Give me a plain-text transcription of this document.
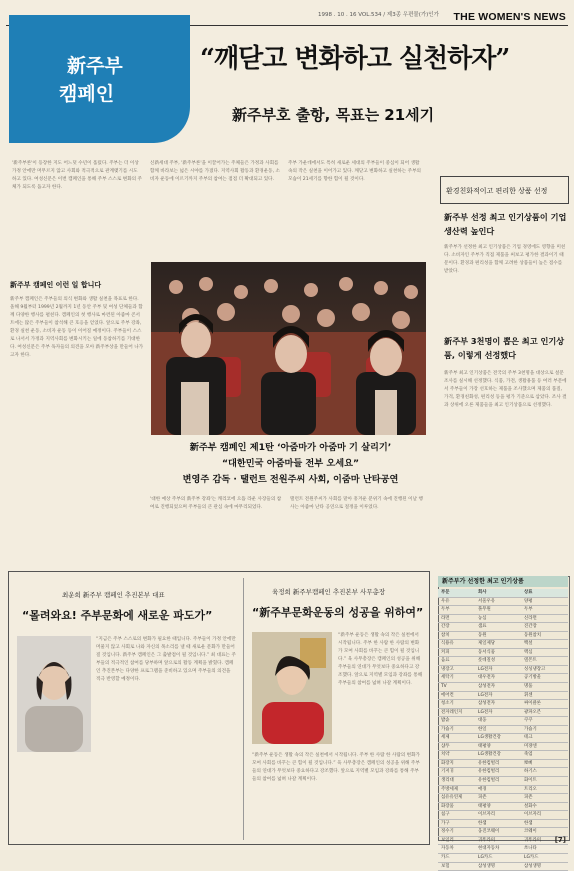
1998 . 10 . 16 VOL.534 / 제3종 우편물(가)인가 THE WOMEN'S NEWS
新주부
캠페인
“깨닫고 변화하고 실천하자”
新주부호 출항, 목표는 21세기
'新주부론'이 등장한 지도 어느덧 수년이 흘렀다. 주부는 더 이상 가정 안에만 머무르지 않고 사회와 적극적으로 관계맺기를 시도하고 있다. 여성신문은 이번 캠페인을 통해 주부 스스로 변화의 주체가 되도록 돕고자 한다.
신新세대 주부, '新주부론'을 이끌어가는 주체들은 가정과 사회를 함께 바라보는 넓은 시야를 가졌다. 지역사회 활동과 환경운동, 소비자 운동에 이르기까지 주부의 참여는 점점 더 확대되고 있다.
주부 가운데에서도 특히 새로운 세대의 주부들이 중심이 되어 생활 속의 작은 실천을 이어가고 있다. 깨닫고 변화하고 실천하는 주부의 모습이 21세기를 향한 힘이 될 것이다.
新주부 캠페인 이런 일 합니다
新주부 캠페인은 주부들의 의식 변화와 생활 실천을 목표로 한다. 올해 9월부터 1999년 2월까지 1년 동안 주부 및 여성 단체들과 함께 다양한 행사를 펼친다. 캠페인의 첫 행사로 마련된 아줌마 콘서트에는 많은 주부들이 참석해 큰 호응을 얻었다. 앞으로 주부 강좌, 환경 실천 운동, 소비자 운동 등이 이어질 예정이다. 주부들이 스스로 나서서 가정과 지역사회를 변화시키는 일에 동참하기를 기대한다. 여성신문은 주부 독자들의 의견을 모아 新주부상을 만들어 나가고자 한다.
新주부 캠페인 제1탄 ‘아줌마가 아줌마 기 살리기’
“대한민국 아줌마들 전부 오세요”
변영주 감독 · 탤런트 전원주씨 사회, 이줌마 난타공연
'대한 예상 주부의 新주부 강좌'는 캐리코에 으뜸 라운 사장들의 참여로 진행되었으며 주부들의 큰 관심 속에 마무리되었다.
탤런트 전원주씨가 사회를 맡아 흥겨운 분위기 속에 진행된 이날 행사는 아줌마 난타 공연으로 절정을 이루었다.
환경친화적이고 편리한 상품 선정
新주부 선정 최고 인기상품이 기업 생산력 높인다
新주부가 선정한 최고 인기상품은 기업 경영에도 영향을 미친다. 소비자인 주부가 직접 제품을 써보고 평가한 결과이기 때문이다. 환경과 편리성을 함께 고려한 상품들이 높은 점수를 받았다.
新주부 3천명이 뽑은 최고 인기상품, 이렇게 선정했다
新주부 최고 인기상품은 전국의 주부 3천명을 대상으로 설문조사를 실시해 선정했다. 식품, 가전, 생활용품 등 여러 부문에서 주부들이 가장 선호하는 제품을 조사했으며 제품의 품질, 가격, 환경친화성, 편리성 등을 평가 기준으로 삼았다. 조사 결과 상위에 오른 제품들을 최고 인기상품으로 선정했다.
최운희 新주부 캠페인 추진본부 대표
“몰려와요! 주부문화에 새로운 파도가”
“지금은 주부 스스로의 변화가 필요한 때입니다. 주부들이 가정 안에만 머물지 않고 사회로 나와 자신의 목소리를 낼 때 새로운 문화가 만들어질 것입니다. 新주부 캠페인은 그 출발점이 될 것입니다.” 최 대표는 주부들의 적극적인 참여를 당부하며 앞으로의 활동 계획을 밝혔다. 캠페인 추진본부는 다양한 프로그램을 준비하고 있으며 주부들의 의견을 적극 반영할 예정이다.
육정희 新주부캠페인 추진본부 사무총장
“新주부문화운동의 성공을 위하여”
“新주부 운동은 생활 속의 작은 실천에서 시작됩니다. 주부 한 사람 한 사람의 변화가 모여 사회를 바꾸는 큰 힘이 될 것입니다.” 육 사무총장은 캠페인의 성공을 위해 주부들의 연대가 무엇보다 중요하다고 강조했다. 앞으로 지역별 모임과 강좌를 통해 주부들의 참여를 넓혀 나갈 계획이다.
“新주부 운동은 생활 속의 작은 실천에서 시작됩니다. 주부 한 사람 한 사람의 변화가 모여 사회를 바꾸는 큰 힘이 될 것입니다.” 육 사무총장은 캠페인의 성공을 위해 주부들의 연대가 무엇보다 중요하다고 강조했다. 앞으로 지역별 모임과 강좌를 통해 주부들의 참여를 넓혀 나갈 계획이다.
新주부가 선정한 최고 인기상품
부문	회사	상표
우유	서울우유	양평
두부	풀무원	두부
라면	농심	신라면
간장	샘표	진간장
참치	동원	동원참치
식용유	제일제당	백설
커피	동서식품	맥심
음료	롯데칠성	델몬트
냉장고	LG전자	싱싱냉장고
세탁기	대우전자	공기방울
TV	삼성전자	명품
에어컨	LG전자	휘센
청소기	삼성전자	싸이클론
전자레인지	LG전자	광파오븐
밥솥	대웅	쿠쿠
가습기	한일	가습기
세제	LG생활건강	테크
샴푸	태평양	미쟝센
치약	LG생활건강	죽염
화장지	유한킴벌리	뽀삐
기저귀	유한킴벌리	하기스
생리대	유한킴벌리	화이트
주방세제	애경	트리오
섬유유연제	피죤	피죤
화장품	태평양	설화수
침구	이브자리	이브자리
가구	한샘	한샘
정수기	웅진코웨이	코웨이
보일러	귀뚜라미	귀뚜라미
자동차	현대자동차	쏘나타
카드	LG카드	LG카드
보험	삼성생명	삼성생명
[7]
